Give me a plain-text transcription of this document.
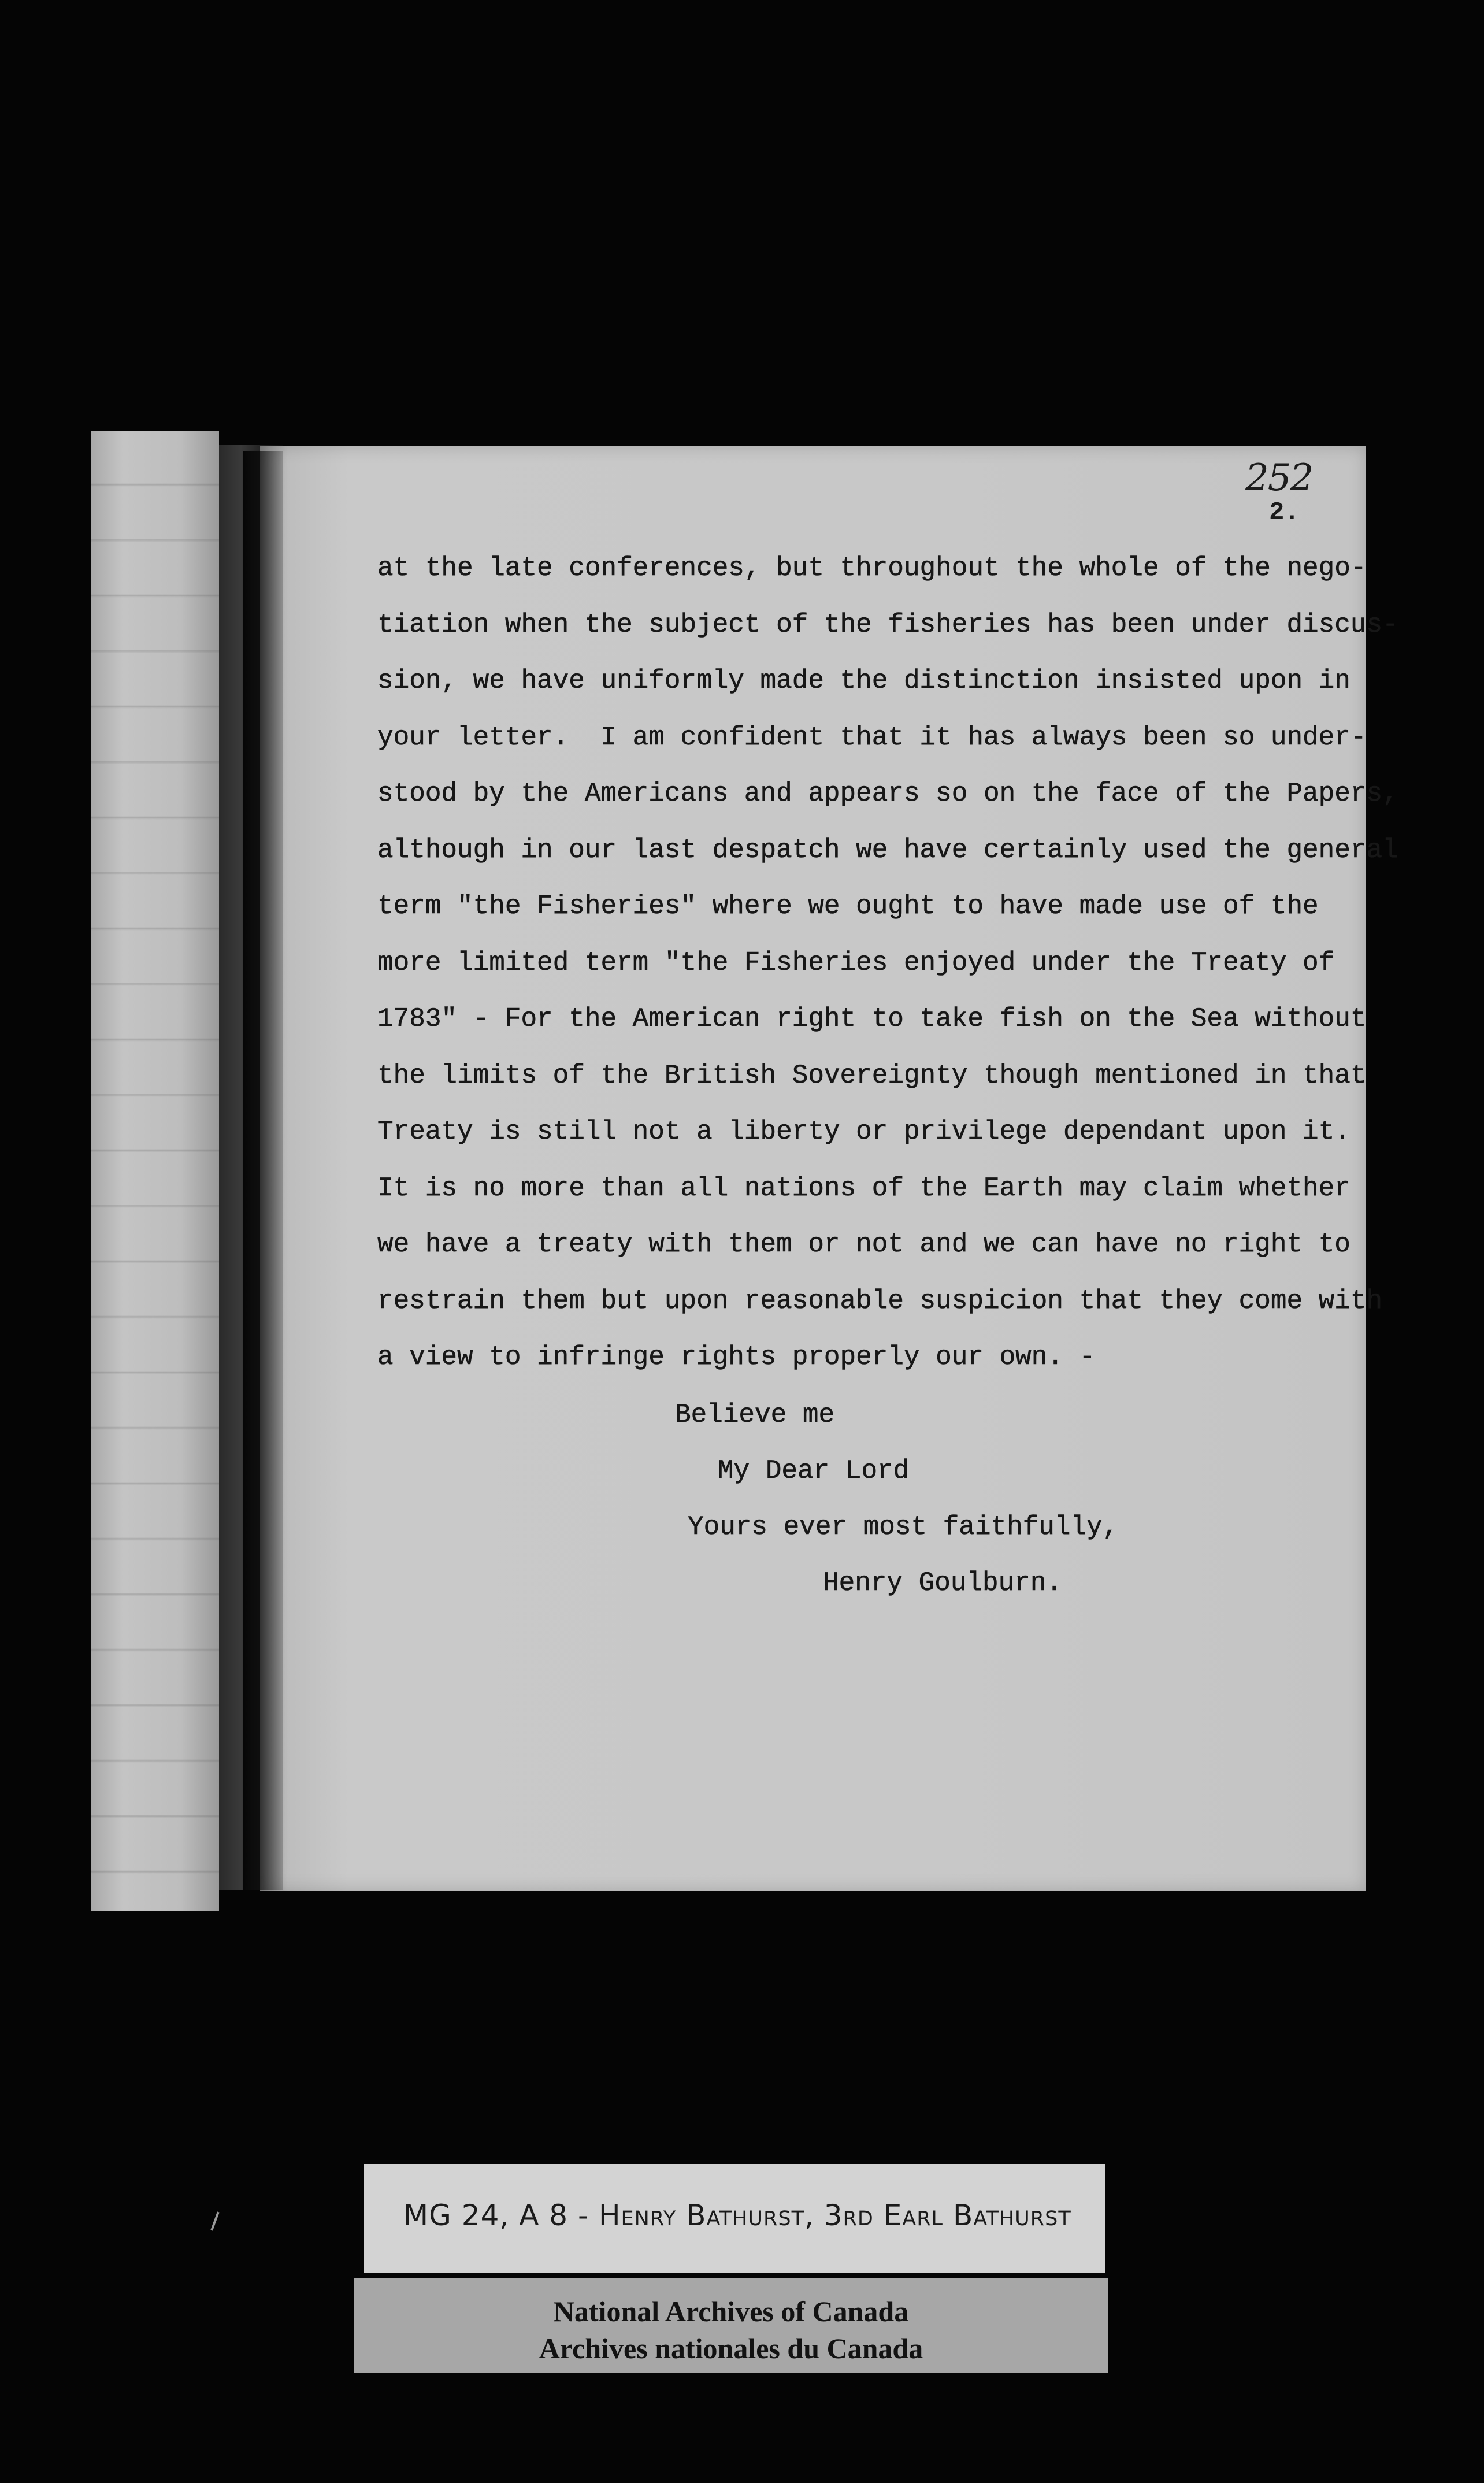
252
2.
at the late conferences, but throughout the whole of the nego-
tiation when the subject of the fisheries has been under discus-
sion, we have uniformly made the distinction insisted upon in
your letter.  I am confident that it has always been so under-
stood by the Americans and appears so on the face of the Papers,
although in our last despatch we have certainly used the general
term "the Fisheries" where we ought to have made use of the
more limited term "the Fisheries enjoyed under the Treaty of
1783" - For the American right to take fish on the Sea without
the limits of the British Sovereignty though mentioned in that
Treaty is still not a liberty or privilege dependant upon it.
It is no more than all nations of the Earth may claim whether
we have a treaty with them or not and we can have no right to
restrain them but upon reasonable suspicion that they come with
a view to infringe rights properly our own. -
Believe me
My Dear Lord
Yours ever most faithfully,
Henry Goulburn.
MG 24, A 8 - Henry Bathurst, 3rd Earl Bathurst
National Archives of Canada
Archives nationales du Canada
